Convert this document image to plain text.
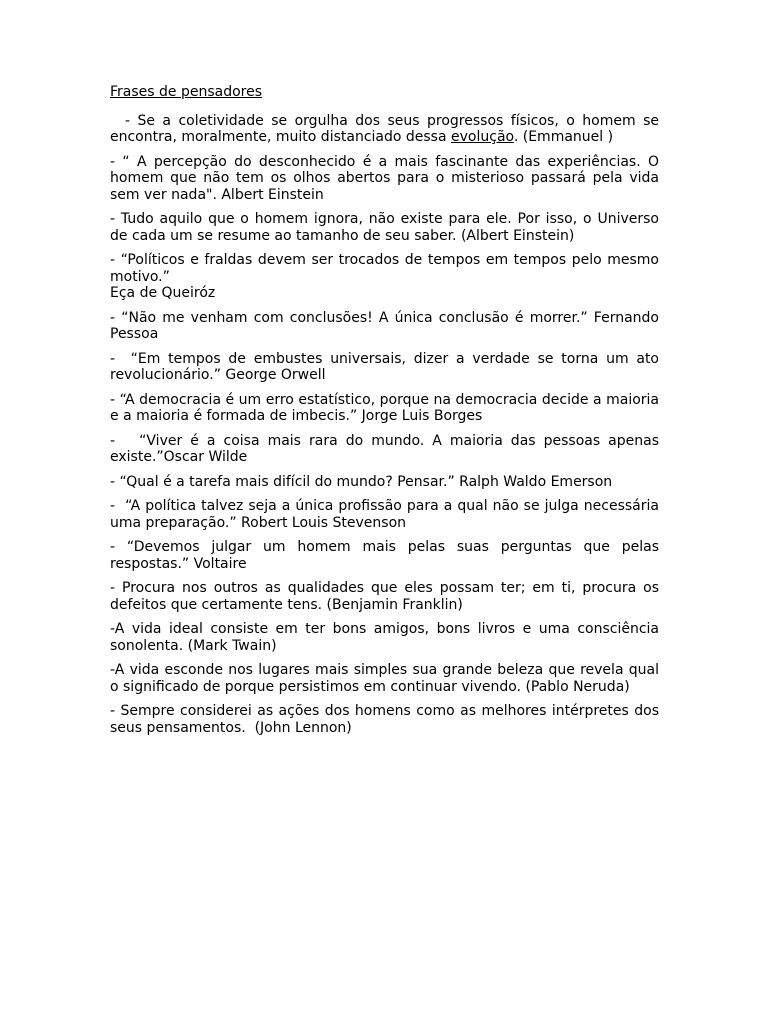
Frases de pensadores

- Se a coletividade se orgulha dos seus progressos físicos, o homem se encontra, moralmente, muito distanciado dessa evolução. (Emmanuel )

- “ A percepção do desconhecido é a mais fascinante das experiências. O homem que não tem os olhos abertos para o misterioso passará pela vida sem ver nada". Albert Einstein

- Tudo aquilo que o homem ignora, não existe para ele. Por isso, o Universo de cada um se resume ao tamanho de seu saber. (Albert Einstein)

- “Políticos e fraldas devem ser trocados de tempos em tempos pelo mesmo motivo.”
Eça de Queiróz

- “Não me venham com conclusões! A única conclusão é morrer.” Fernando Pessoa

-  “Em tempos de embustes universais, dizer a verdade se torna um ato revolucionário.” George Orwell

- “A democracia é um erro estatístico, porque na democracia decide a maioria e a maioria é formada de imbecis.” Jorge Luis Borges

-   “Viver é a coisa mais rara do mundo. A maioria das pessoas apenas existe.”Oscar Wilde

- “Qual é a tarefa mais difícil do mundo? Pensar.” Ralph Waldo Emerson

-  “A política talvez seja a única profissão para a qual não se julga necessária uma preparação.” Robert Louis Stevenson

- “Devemos julgar um homem mais pelas suas perguntas que pelas respostas.” Voltaire

- Procura nos outros as qualidades que eles possam ter; em ti, procura os defeitos que certamente tens. (Benjamin Franklin)

-A vida ideal consiste em ter bons amigos, bons livros e uma consciência sonolenta. (Mark Twain)

-A vida esconde nos lugares mais simples sua grande beleza que revela qual o significado de porque persistimos em continuar vivendo. (Pablo Neruda)

- Sempre considerei as ações dos homens como as melhores intérpretes dos seus pensamentos.  (John Lennon)
